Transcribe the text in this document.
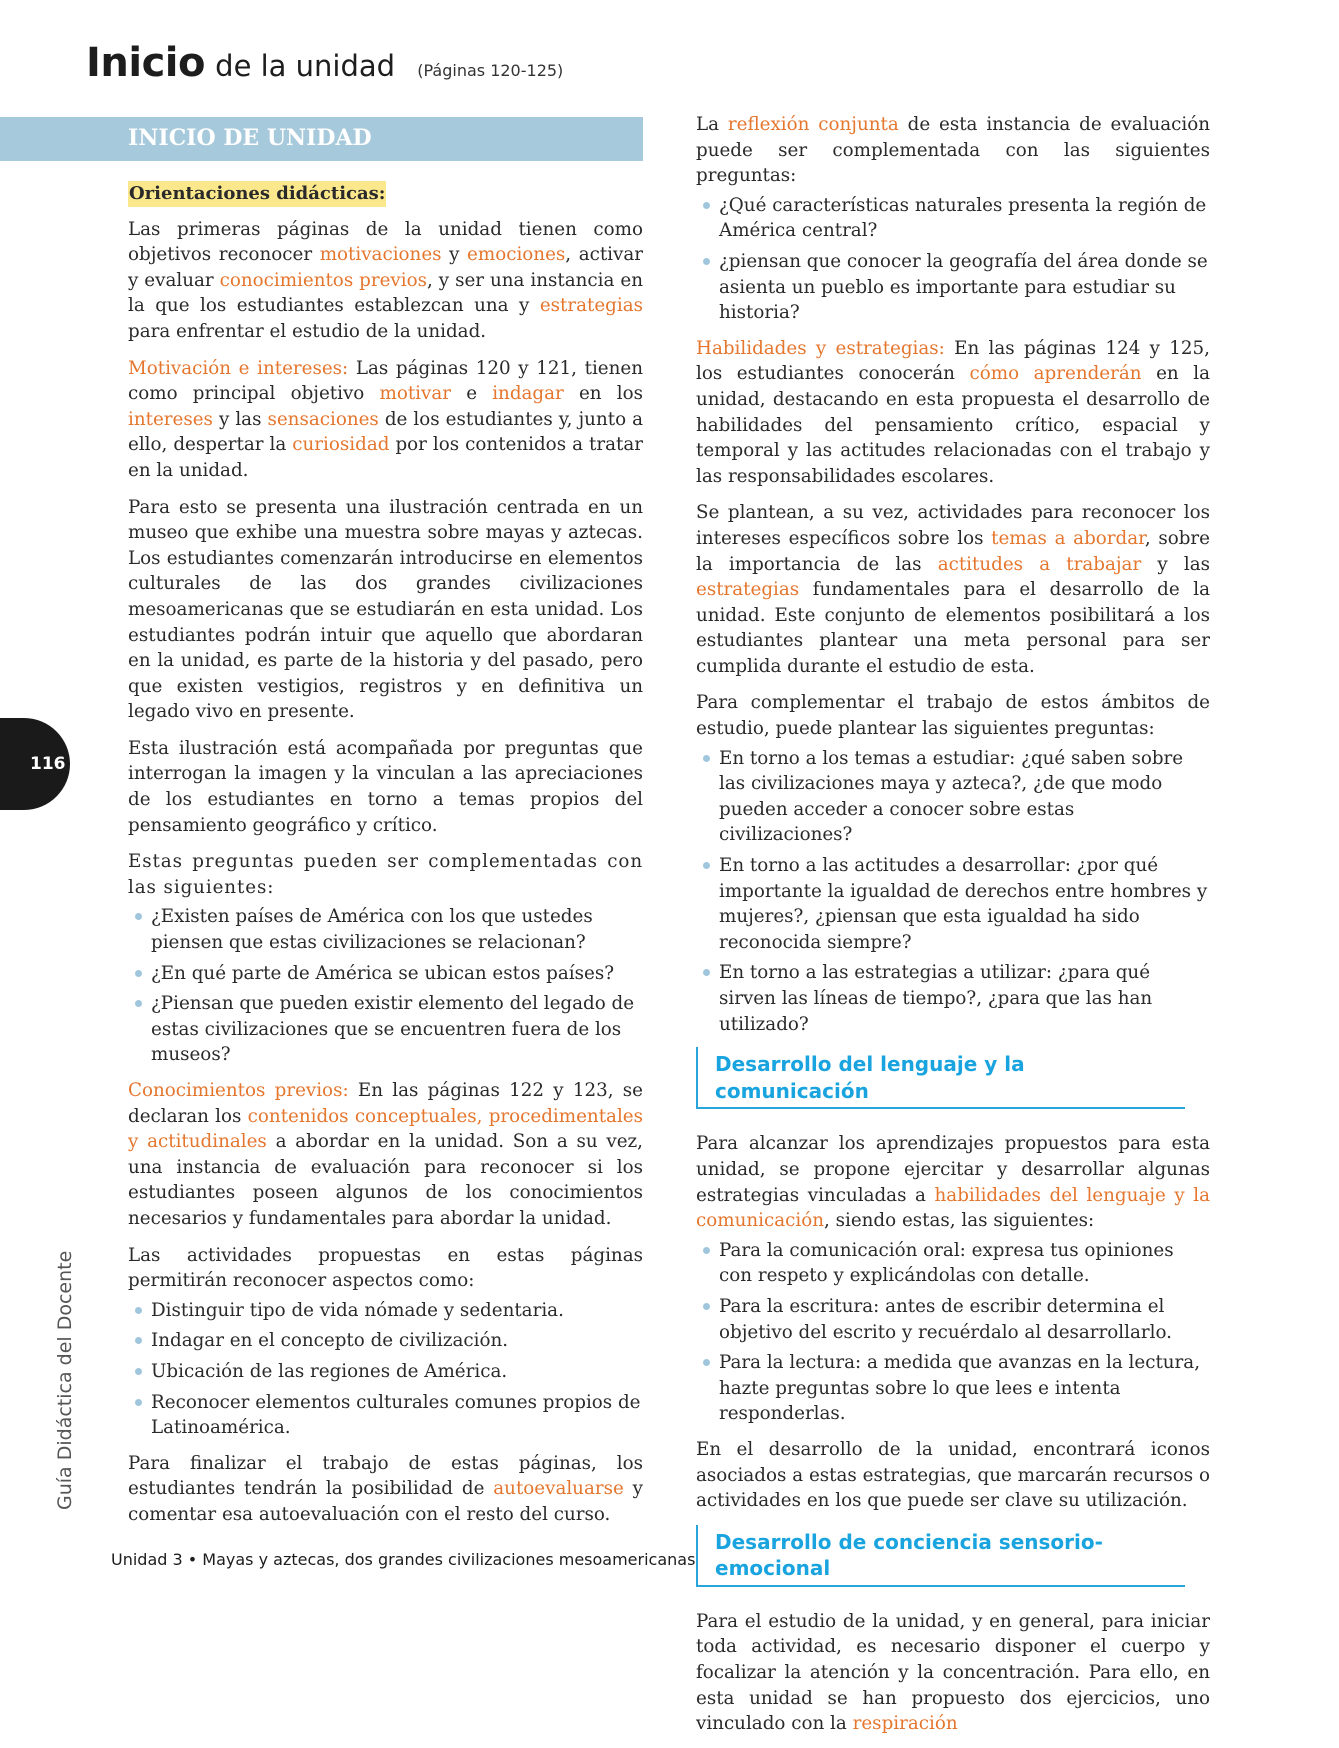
Inicio de la unidad (Páginas 120-125)
116
Guía Didáctica del Docente
INICIO DE UNIDAD
Orientaciones didácticas:

Las primeras páginas de la unidad tienen como objetivos reconocer motivaciones y emociones, activar y evaluar conocimientos previos, y ser una instancia en la que los estudiantes establezcan una y estrategias para enfrentar el estudio de la unidad.

Motivación e intereses: Las páginas 120 y 121, tienen como principal objetivo motivar e indagar en los intereses y las sensaciones de los estudiantes y, junto a ello, despertar la curiosidad por los contenidos a tratar en la unidad.

Para esto se presenta una ilustración centrada en un museo que exhibe una muestra sobre mayas y aztecas. Los estudiantes comenzarán introducirse en elementos culturales de las dos grandes civilizaciones mesoamericanas que se estudiarán en esta unidad. Los estudiantes podrán intuir que aquello que abordaran en la unidad, es parte de la historia y del pasado, pero que existen vestigios, registros y en definitiva un legado vivo en presente.

Esta ilustración está acompañada por preguntas que interrogan la imagen y la vinculan a las apreciaciones de los estudiantes en torno a temas propios del pensamiento geográfico y crítico.

Estas preguntas pueden ser complementadas con las siguientes:

¿Existen países de América con los que ustedes piensen que estas civilizaciones se relacionan?
¿En qué parte de América se ubican estos países?
¿Piensan que pueden existir elemento del legado de estas civilizaciones que se encuentren fuera de los museos?

Conocimientos previos: En las páginas 122 y 123, se declaran los contenidos conceptuales, procedimentales y actitudinales a abordar en la unidad. Son a su vez, una instancia de evaluación para reconocer si los estudiantes poseen algunos de los conocimientos necesarios y fundamentales para abordar la unidad.

Las actividades propuestas en estas páginas permitirán reconocer aspectos como:

Distinguir tipo de vida nómade y sedentaria.
Indagar en el concepto de civilización.
Ubicación de las regiones de América.
Reconocer elementos culturales comunes propios de Latinoamérica.

Para finalizar el trabajo de estas páginas, los estudiantes tendrán la posibilidad de autoevaluarse y comentar esa autoevaluación con el resto del curso.

La reflexión conjunta de esta instancia de evaluación puede ser complementada con las siguientes preguntas:

¿Qué características naturales presenta la región de América central?
¿piensan que conocer la geografía del área donde se asienta un pueblo es importante para estudiar su historia?

Habilidades y estrategias: En las páginas 124 y 125, los estudiantes conocerán cómo aprenderán en la unidad, destacando en esta propuesta el desarrollo de habilidades del pensamiento crítico, espacial y temporal y las actitudes relacionadas con el trabajo y las responsabilidades escolares.

Se plantean, a su vez, actividades para reconocer los intereses específicos sobre los temas a abordar, sobre la importancia de las actitudes a trabajar y las estrategias fundamentales para el desarrollo de la unidad. Este conjunto de elementos posibilitará a los estudiantes plantear una meta personal para ser cumplida durante el estudio de esta.

Para complementar el trabajo de estos ámbitos de estudio, puede plantear las siguientes preguntas:

En torno a los temas a estudiar: ¿qué saben sobre las civilizaciones maya y azteca?, ¿de que modo pueden acceder a conocer sobre estas civilizaciones?
En torno a las actitudes a desarrollar: ¿por qué importante la igualdad de derechos entre hombres y mujeres?, ¿piensan que esta igualdad ha sido reconocida siempre?
En torno a las estrategias a utilizar: ¿para qué sirven las líneas de tiempo?, ¿para que las han utilizado?
Desarrollo del lenguaje y la comunicación

Para alcanzar los aprendizajes propuestos para esta unidad, se propone ejercitar y desarrollar algunas estrategias vinculadas a habilidades del lenguaje y la comunicación, siendo estas, las siguientes:

Para la comunicación oral: expresa tus opiniones con respeto y explicándolas con detalle.
Para la escritura: antes de escribir determina el objetivo del escrito y recuérdalo al desarrollarlo.
Para la lectura: a medida que avanzas en la lectura, hazte preguntas sobre lo que lees e intenta responderlas.

En el desarrollo de la unidad, encontrará iconos asociados a estas estrategias, que marcarán recursos o actividades en los que puede ser clave su utilización.

Desarrollo de conciencia sensorio-emocional

Para el estudio de la unidad, y en general, para iniciar toda actividad, es necesario disponer el cuerpo y focalizar la atención y la concentración. Para ello, en esta unidad se han propuesto dos ejercicios, uno vinculado con la respiración

Unidad 3 • Mayas y aztecas, dos grandes civilizaciones mesoamericanas
